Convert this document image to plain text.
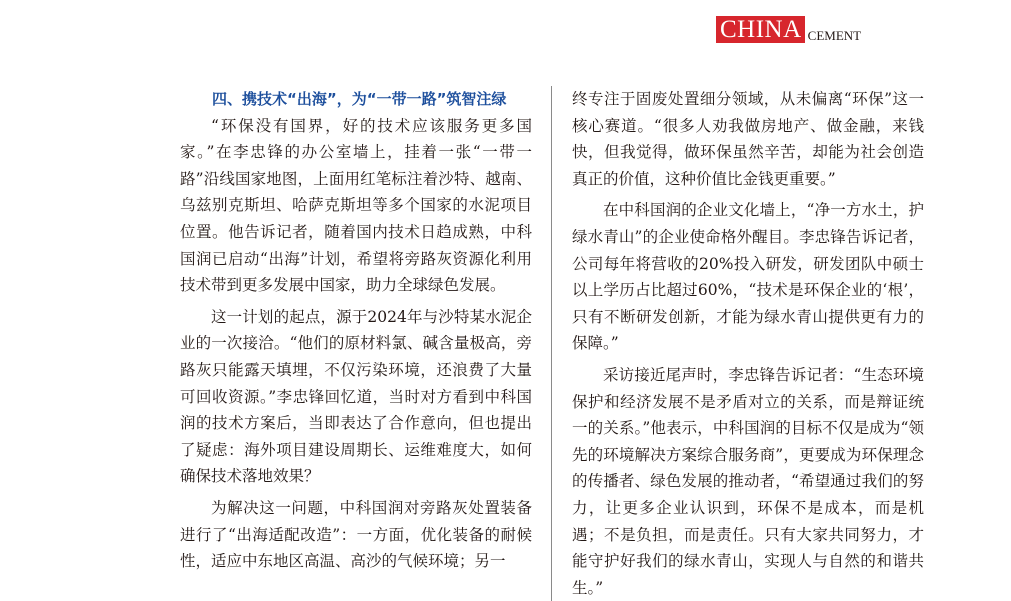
CHINA CEMENT
四、携技术“出海”，为“一带一路”筑智注绿

“环保没有国界，好的技术应该服务更多国家。”在李忠锋的办公室墙上，挂着一张“一带一路”沿线国家地图，上面用红笔标注着沙特、越南、乌兹别克斯坦、哈萨克斯坦等多个国家的水泥项目位置。他告诉记者，随着国内技术日趋成熟，中科国润已启动“出海”计划，希望将旁路灰资源化利用技术带到更多发展中国家，助力全球绿色发展。

这一计划的起点，源于2024年与沙特某水泥企业的一次接洽。“他们的原材料氯、碱含量极高，旁路灰只能露天填埋，不仅污染环境，还浪费了大量可回收资源。”李忠锋回忆道，当时对方看到中科国润的技术方案后，当即表达了合作意向，但也提出了疑虑：海外项目建设周期长、运维难度大，如何确保技术落地效果？

为解决这一问题，中科国润对旁路灰处置装备进行了“出海适配改造”：一方面，优化装备的耐候性，适应中东地区高温、高沙的气候环境；另一

终专注于固废处置细分领域，从未偏离“环保”这一核心赛道。“很多人劝我做房地产、做金融，来钱快，但我觉得，做环保虽然辛苦，却能为社会创造真正的价值，这种价值比金钱更重要。”

在中科国润的企业文化墙上，“净一方水土，护绿水青山”的企业使命格外醒目。李忠锋告诉记者，公司每年将营收的20%投入研发，研发团队中硕士以上学历占比超过60%，“技术是环保企业的‘根’，只有不断研发创新，才能为绿水青山提供更有力的保障。”

采访接近尾声时，李忠锋告诉记者：“生态环境保护和经济发展不是矛盾对立的关系，而是辩证统一的关系。”他表示，中科国润的目标不仅是成为“领先的环境解决方案综合服务商”，更要成为环保理念的传播者、绿色发展的推动者，“希望通过我们的努力，让更多企业认识到，环保不是成本，而是机遇；不是负担，而是责任。只有大家共同努力，才能守护好我们的绿水青山，实现人与自然的和谐共生。”
